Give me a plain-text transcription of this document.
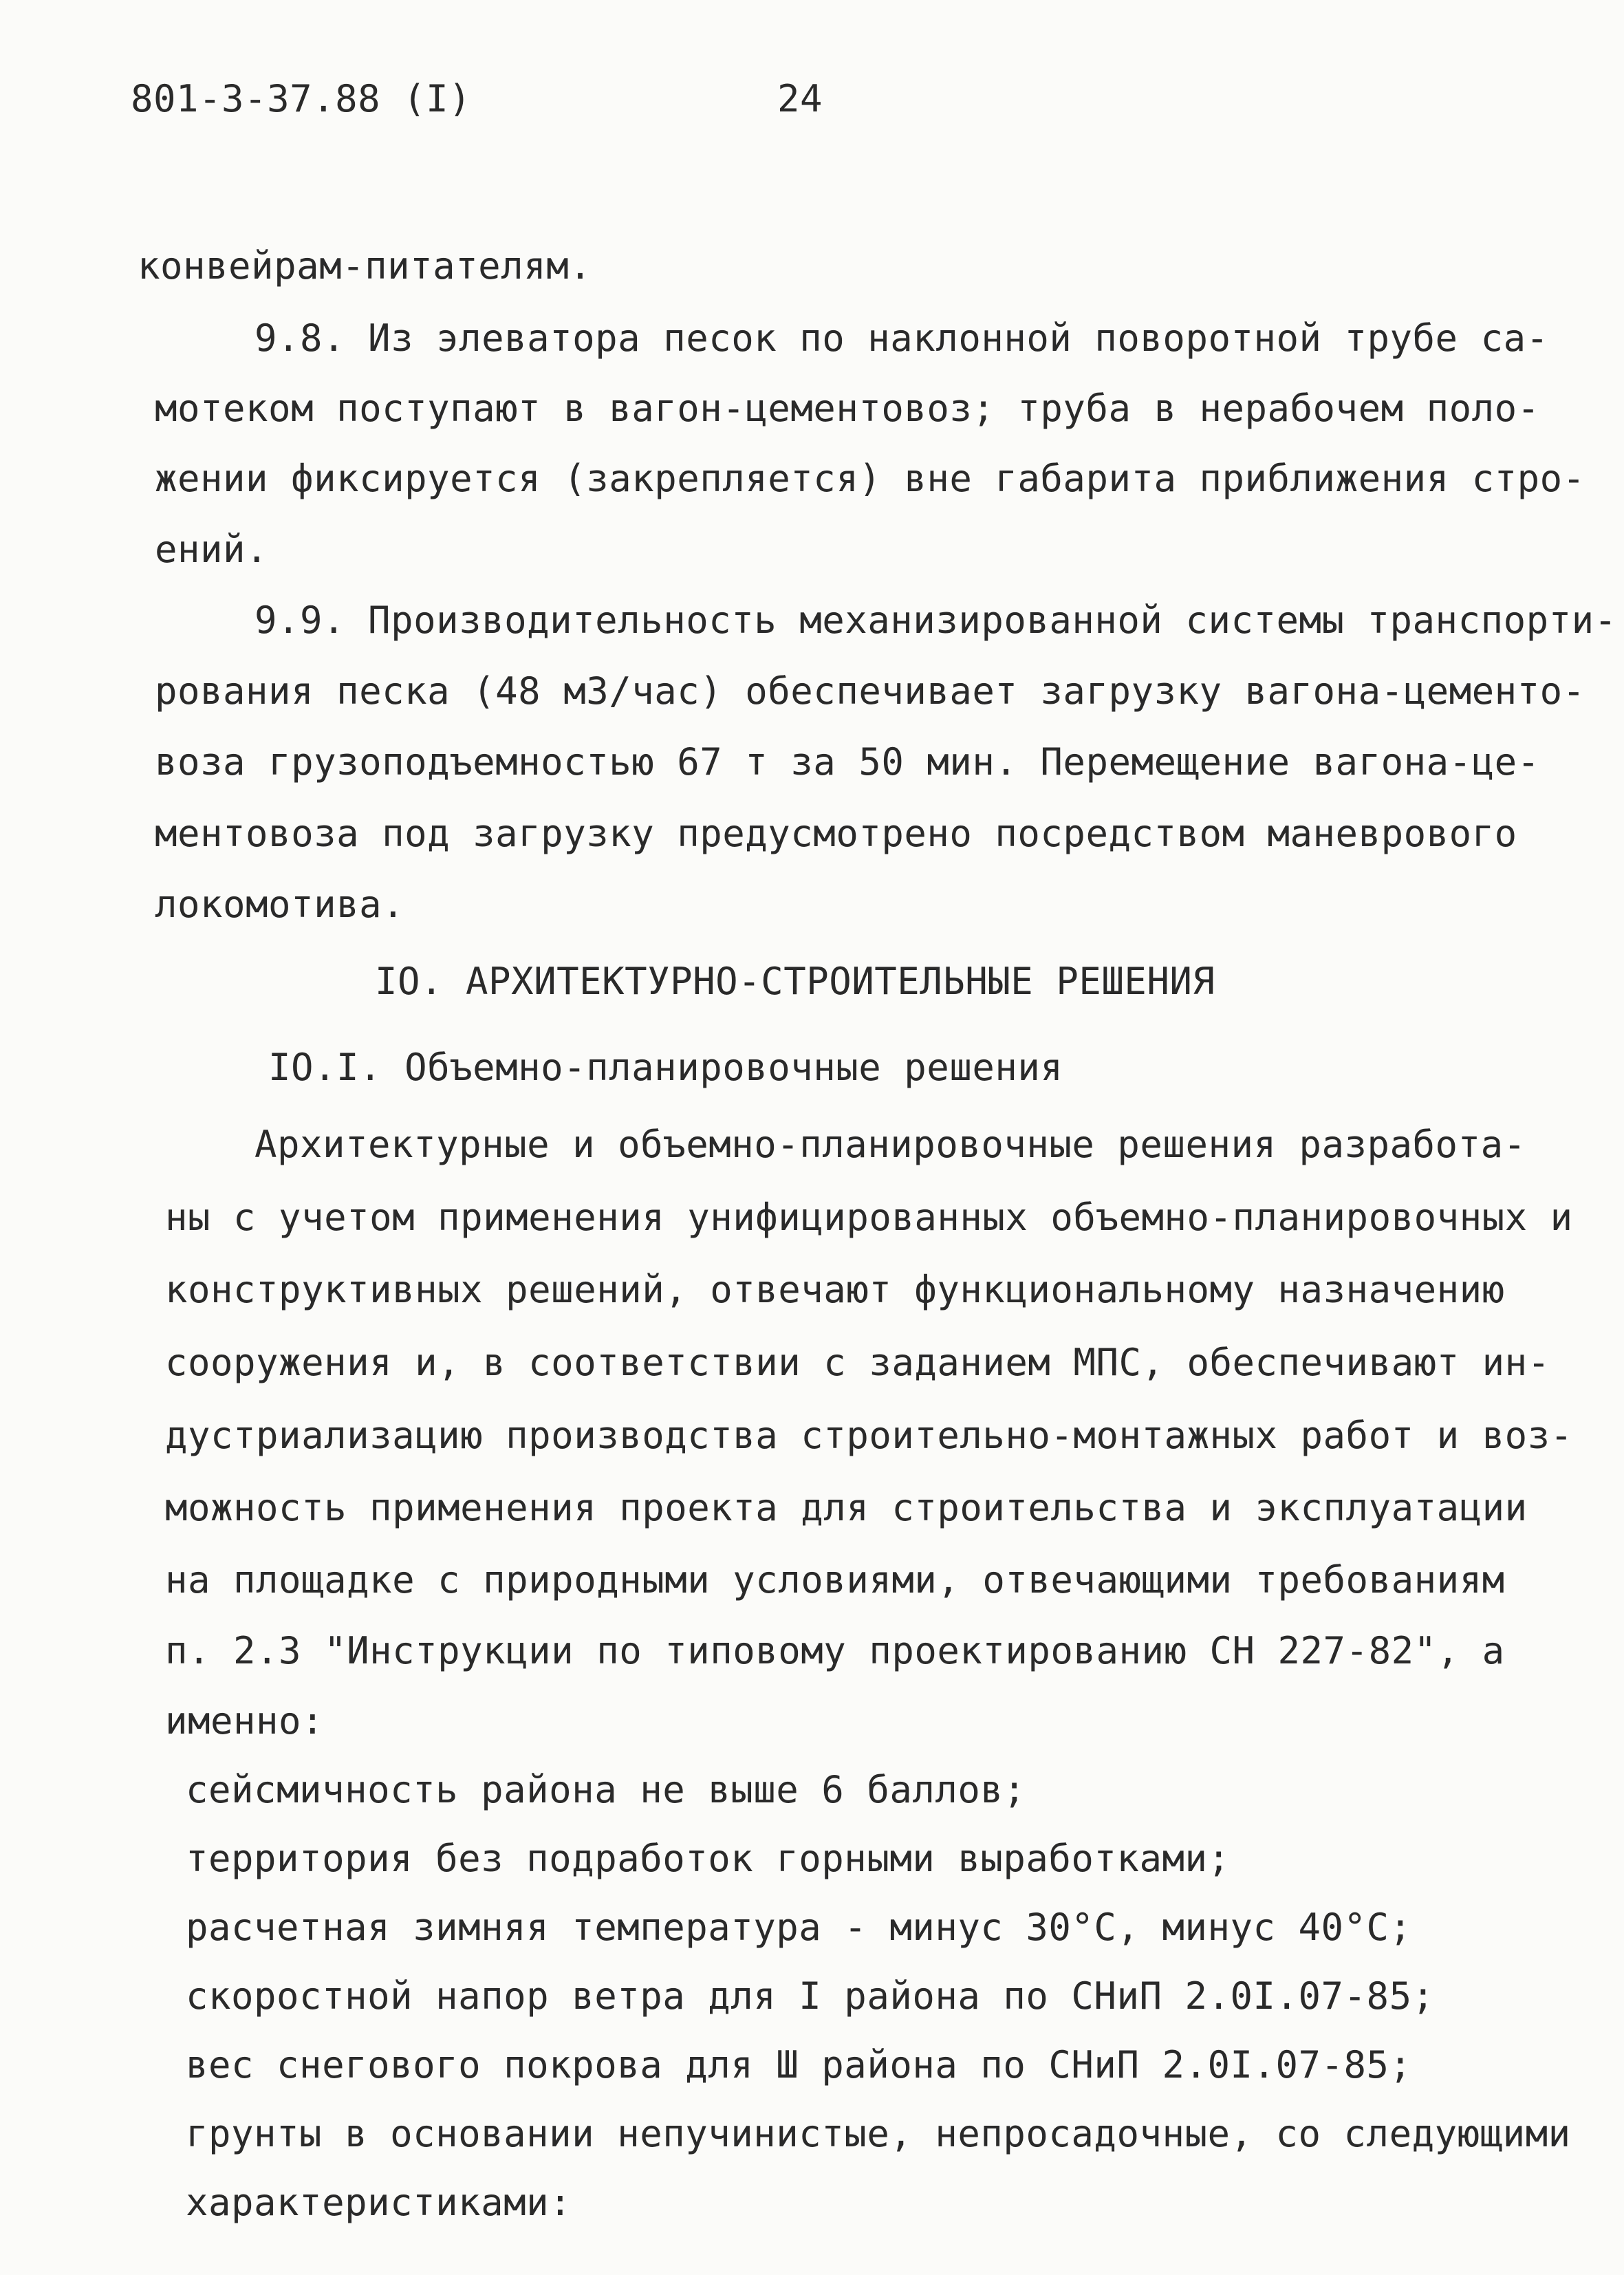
801-3-37.88 (I)	24
конвейрам-питателям.
9.8. Из элеватора песок по наклонной поворотной трубе са-
мотеком поступают в вагон-цементовоз; труба в нерабочем поло-
жении фиксируется (закрепляется) вне габарита приближения стро-
ений.
9.9. Производительность механизированной системы транспорти-
рования песка (48 м3/час) обеспечивает загрузку вагона-цементо-
воза грузоподъемностью 67 т за 50 мин. Перемещение вагона-це-
ментовоза под загрузку предусмотрено посредством маневрового
локомотива.
IO. АРХИТЕКТУРНО-СТРОИТЕЛЬНЫЕ РЕШЕНИЯ
IO.I. Объемно-планировочные решения
Архитектурные и объемно-планировочные решения разработа-
ны с учетом применения унифицированных объемно-планировочных и
конструктивных решений, отвечают функциональному назначению
сооружения и, в соответствии с заданием МПС, обеспечивают ин-
дустриализацию производства строительно-монтажных работ и воз-
можность применения проекта для строительства и эксплуатации
на площадке с природными условиями, отвечающими требованиям
п. 2.3 "Инструкции по типовому проектированию СН 227-82", а
именно:
сейсмичность района не выше 6 баллов;
территория без подработок горными выработками;
расчетная зимняя температура - минус 30°С, минус 40°С;
скоростной напор ветра для I района по СНиП 2.0I.07-85;
вес снегового покрова для Ш района по СНиП 2.0I.07-85;
грунты в основании непучинистые, непросадочные, со следующими
характеристиками:
